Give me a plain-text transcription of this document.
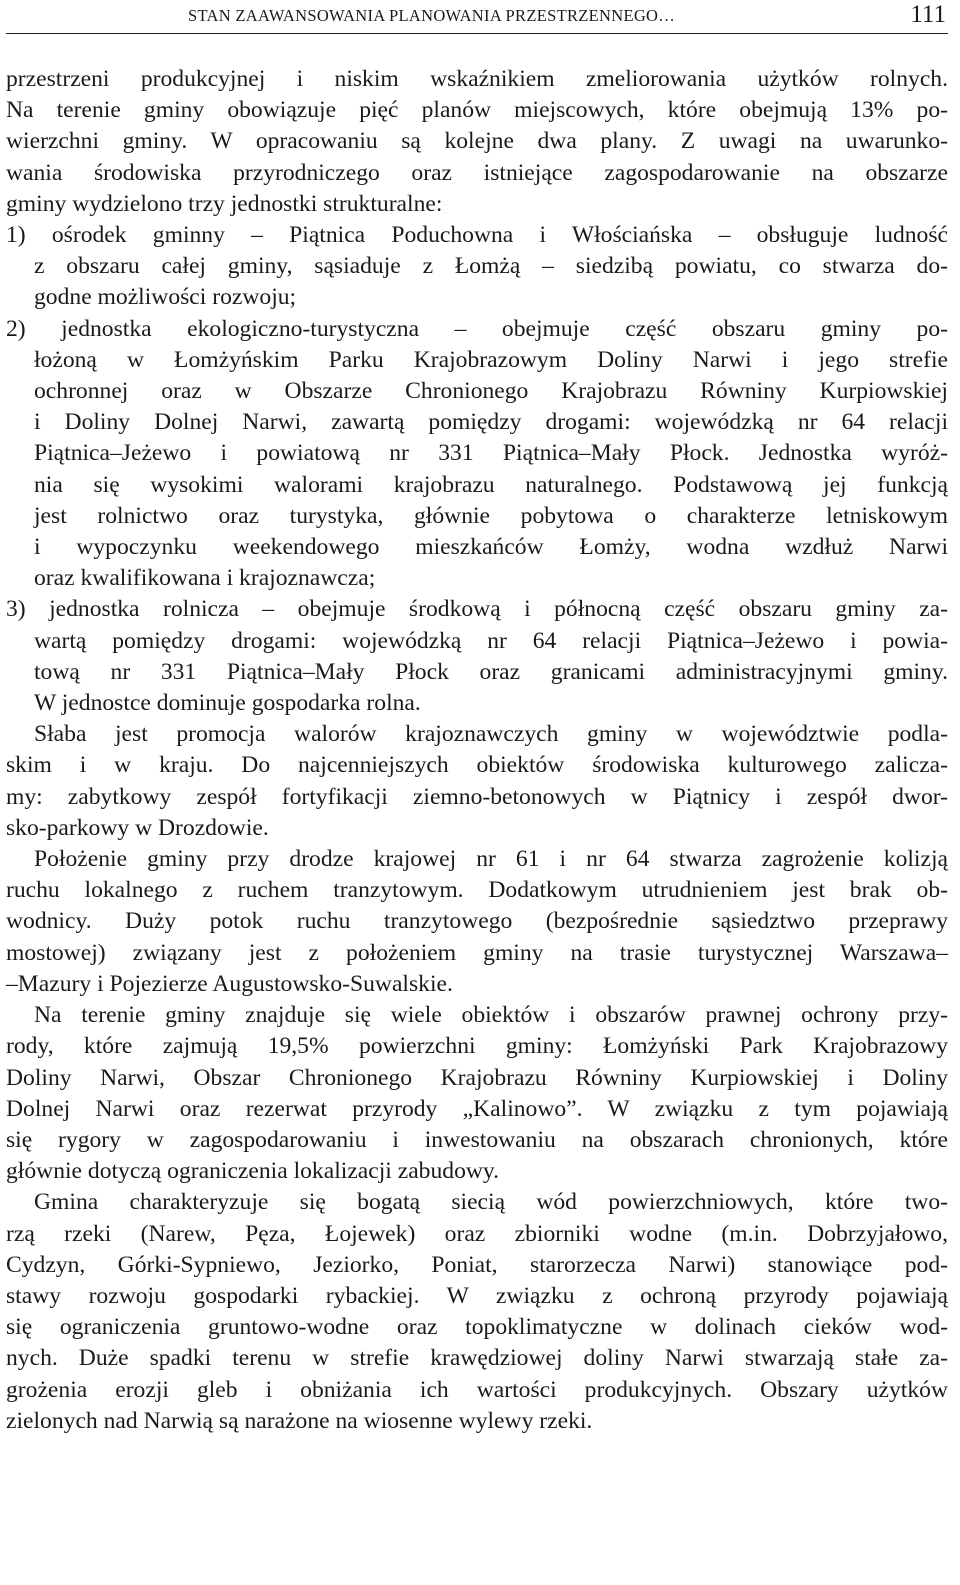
STAN ZAAWANSOWANIA PLANOWANIA PRZESTRZENNEGO…	111
przestrzeni produkcyjnej i niskim wskaźnikiem zmeliorowania użytków rolnych.
Na terenie gminy obowiązuje pięć planów miejscowych, które obejmują 13% po-
wierzchni gminy. W opracowaniu są kolejne dwa plany. Z uwagi na uwarunko-
wania środowiska przyrodniczego oraz istniejące zagospodarowanie na obszarze
gminy wydzielono trzy jednostki strukturalne:
1) ośrodek gminny – Piątnica Poduchowna i Włościańska – obsługuje ludność
z obszaru całej gminy, sąsiaduje z Łomżą – siedzibą powiatu, co stwarza do-
godne możliwości rozwoju;
2) jednostka ekologiczno-turystyczna – obejmuje część obszaru gminy po-
łożoną w Łomżyńskim Parku Krajobrazowym Doliny Narwi i jego strefie
ochronnej oraz w Obszarze Chronionego Krajobrazu Równiny Kurpiowskiej
i Doliny Dolnej Narwi, zawartą pomiędzy drogami: wojewódzką nr 64 relacji
Piątnica–Jeżewo i powiatową nr 331 Piątnica–Mały Płock. Jednostka wyróż-
nia się wysokimi walorami krajobrazu naturalnego. Podstawową jej funkcją
jest rolnictwo oraz turystyka, głównie pobytowa o charakterze letniskowym
i wypoczynku weekendowego mieszkańców Łomży, wodna wzdłuż Narwi
oraz kwalifikowana i krajoznawcza;
3) jednostka rolnicza – obejmuje środkową i północną część obszaru gminy za-
wartą pomiędzy drogami: wojewódzką nr 64 relacji Piątnica–Jeżewo i powia-
tową nr 331 Piątnica–Mały Płock oraz granicami administracyjnymi gminy.
W jednostce dominuje gospodarka rolna.
Słaba jest promocja walorów krajoznawczych gminy w województwie podla-
skim i w kraju. Do najcenniejszych obiektów środowiska kulturowego zalicza-
my: zabytkowy zespół fortyfikacji ziemno-betonowych w Piątnicy i zespół dwor-
sko-parkowy w Drozdowie.
Położenie gminy przy drodze krajowej nr 61 i nr 64 stwarza zagrożenie kolizją
ruchu lokalnego z ruchem tranzytowym. Dodatkowym utrudnieniem jest brak ob-
wodnicy. Duży potok ruchu tranzytowego (bezpośrednie sąsiedztwo przeprawy
mostowej) związany jest z położeniem gminy na trasie turystycznej Warszawa–
–Mazury i Pojezierze Augustowsko-Suwalskie.
Na terenie gminy znajduje się wiele obiektów i obszarów prawnej ochrony przy-
rody, które zajmują 19,5% powierzchni gminy: Łomżyński Park Krajobrazowy
Doliny Narwi, Obszar Chronionego Krajobrazu Równiny Kurpiowskiej i Doliny
Dolnej Narwi oraz rezerwat przyrody „Kalinowo”. W związku z tym pojawiają
się rygory w zagospodarowaniu i inwestowaniu na obszarach chronionych, które
głównie dotyczą ograniczenia lokalizacji zabudowy.
Gmina charakteryzuje się bogatą siecią wód powierzchniowych, które two-
rzą rzeki (Narew, Pęza, Łojewek) oraz zbiorniki wodne (m.in. Dobrzyjałowo,
Cydzyn, Górki-Sypniewo, Jeziorko, Poniat, starorzecza Narwi) stanowiące pod-
stawy rozwoju gospodarki rybackiej. W związku z ochroną przyrody pojawiają
się ograniczenia gruntowo-wodne oraz topoklimatyczne w dolinach cieków wod-
nych. Duże spadki terenu w strefie krawędziowej doliny Narwi stwarzają stałe za-
grożenia erozji gleb i obniżania ich wartości produkcyjnych. Obszary użytków
zielonych nad Narwią są narażone na wiosenne wylewy rzeki.
